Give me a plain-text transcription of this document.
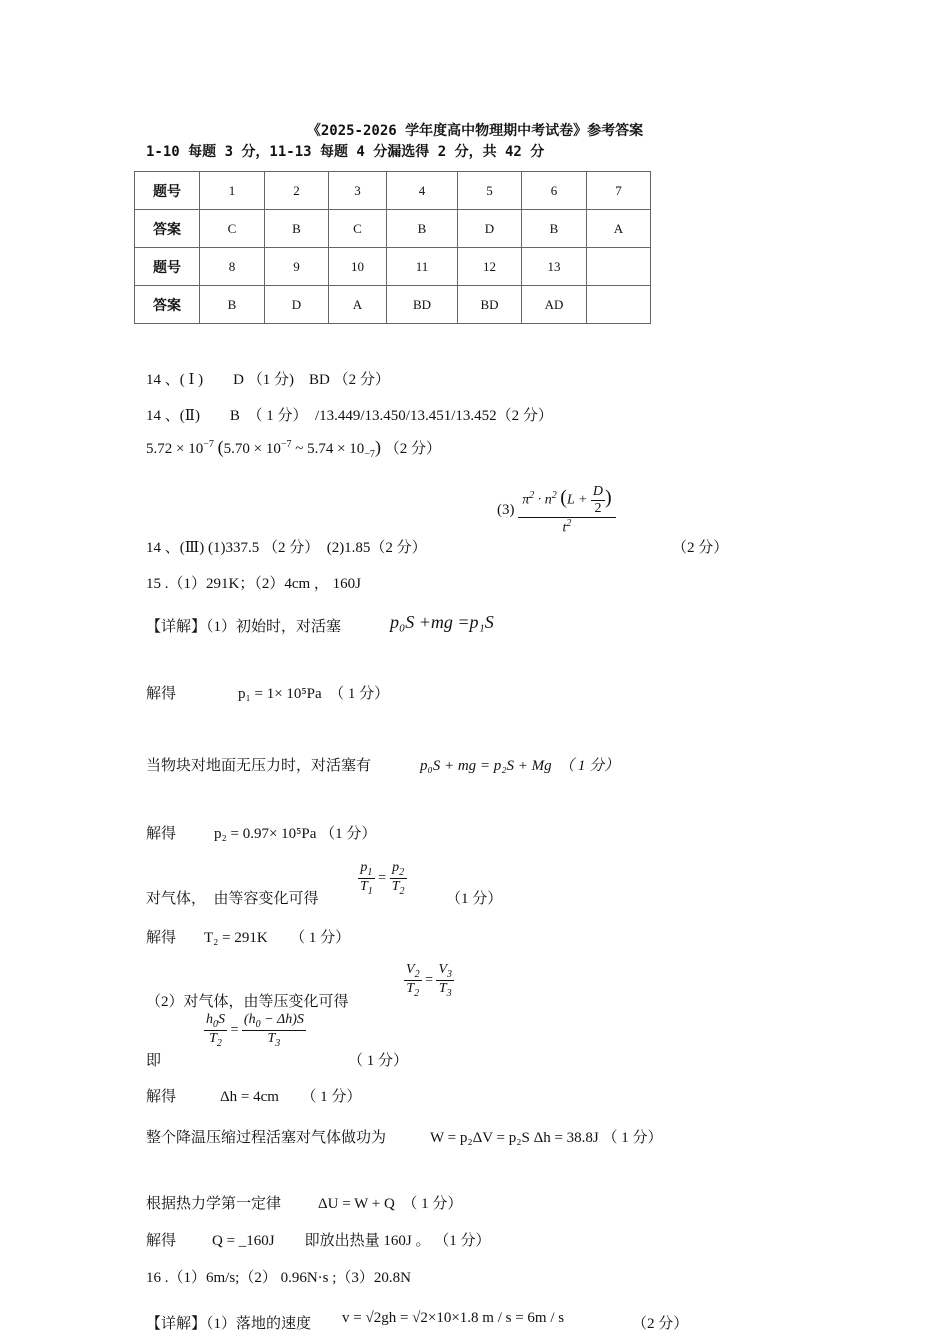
《2025-2026 学年度高中物理期中考试卷》参考答案
1-10 每题 3 分，11-13 每题 4 分漏选得 2 分，共 42 分
题号	1	2	3	4	5	6	7
答案	C	B	C	B	D	B	A
题号	8	9	10	11	12	13	
答案	B	D	A	BD	BD	AD	
14 、( Ⅰ )　　D （1 分)　BD （2 分）
14 、(Ⅱ)　　B　（ 1 分）　/13.449/13.450/13.451/13.452（2 分）
$5.72 \times 10^{-7}$ ($5.70 \times 10^{-7}$ ~ $5.74 \times 10_{-7}$) （2 分）
$(3) \frac{\pi^2 \cdot n^2 (L + \frac{D}{2} )}{t^2}$
14 、(Ⅲ) (1)337.5 （2 分）　(2)1.85（2 分）	（2 分）
15 .（1）291K；（2）4cm ， 160J
【详解】（1）初始时，对活塞	p₀S +mg =p₁S
解得	p₁ = 1× 10⁵Pa　（ 1 分）
当物块对地面无压力时，对活塞有	p₀S + mg = p₂S + Mg　（ 1 分）
解得	p₂ = 0.97× 10⁵Pa （1 分）
对气体，　由等容变化可得
$\frac{p_1}{T_1} = \frac{p_2}{T_2}$
（1 分）
解得 T₂ = 291K　　（ 1 分）
（2）对气体，由等压变化可得
$\frac{V_2}{T_2} = \frac{V_3}{T_3}$
$\frac{h_0S}{T_2} = \frac{(h_0 - \Delta h)S}{T_3}$
即	（ 1 分）
解得	Δh = 4cm　　（ 1 分）
整个降温压缩过程活塞对气体做功为	W = p₂ΔV = p₂S Δh = 38.8J （ 1 分）
根据热力学第一定律 ΔU = W + Q　（ 1 分）
解得 Q = _160J　　即放出热量 160J 。 （1 分）
16 .（1）6m/s;（2） 0.96N·s ;（3）20.8N
【详解】（1）落地的速度 v = √2gh = √2×10×1.8 m / s = 6m / s	（2 分）
